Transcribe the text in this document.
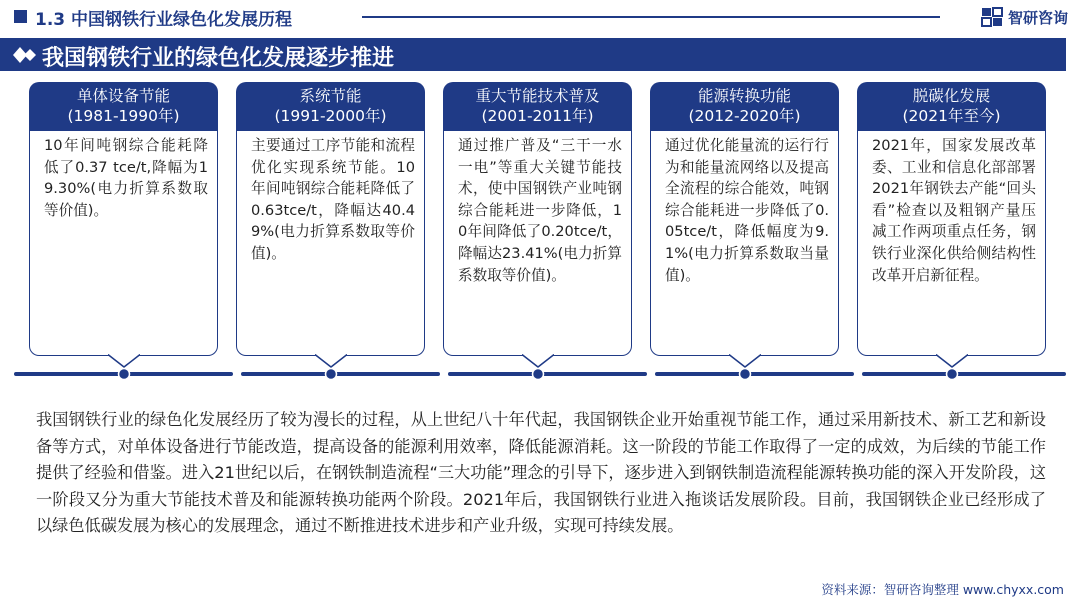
1.3 中国钢铁行业绿色化发展历程	智研咨询
我国钢铁行业的绿色化发展逐步推进
单体设备节能
(1981-1990年)
10年间吨钢综合能耗降低了0.37 tce/t,降幅为19.30%(电力折算系数取等价值)。
系统节能
(1991-2000年)
主要通过工序节能和流程优化实现系统节能。10年间吨钢综合能耗降低了0.63tce/t，降幅达40.49%(电力折算系数取等价值)。
重大节能技术普及
(2001-2011年)
通过推广普及“三干一水一电”等重大关键节能技术，使中国钢铁产业吨钢综合能耗进一步降低，10年间降低了0.20tce/t，降幅达23.41%(电力折算系数取等价值)。
能源转换功能
(2012-2020年)
通过优化能量流的运行行为和能量流网络以及提高全流程的综合能效，吨钢综合能耗进一步降低了0.05tce/t，降低幅度为9.1%(电力折算系数取当量值)。
脱碳化发展
(2021年至今)
2021年，国家发展改革委、工业和信息化部部署2021年钢铁去产能“回头看”检查以及粗钢产量压减工作两项重点任务，钢铁行业深化供给侧结构性改革开启新征程。
我国钢铁行业的绿色化发展经历了较为漫长的过程，从上世纪八十年代起，我国钢铁企业开始重视节能工作，通过采用新技术、新工艺和新设备等方式，对单体设备进行节能改造，提高设备的能源利用效率，降低能源消耗。这一阶段的节能工作取得了一定的成效，为后续的节能工作提供了经验和借鉴。进入21世纪以后，在钢铁制造流程“三大功能”理念的引导下，逐步进入到钢铁制造流程能源转换功能的深入开发阶段，这一阶段又分为重大节能技术普及和能源转换功能两个阶段。2021年后，我国钢铁行业进入拖谈话发展阶段。目前，我国钢铁企业已经形成了以绿色低碳发展为核心的发展理念，通过不断推进技术进步和产业升级，实现可持续发展。
资料来源：智研咨询整理 www.chyxx.com
